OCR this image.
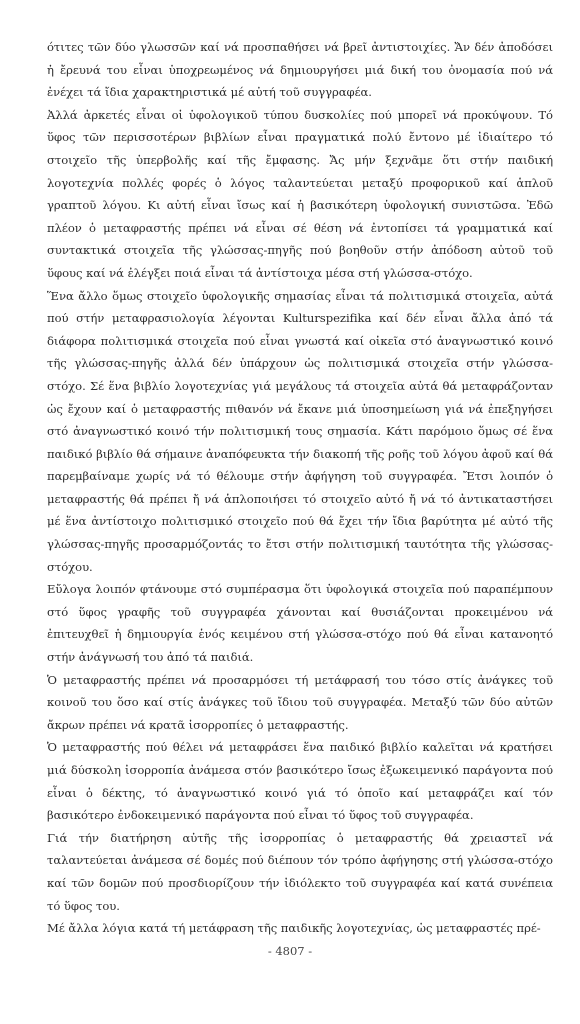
ότιτες τῶν δύο γλωσσῶν καί νά προσπαθήσει νά βρεῖ ἀντιστοιχίες. Ἄν δέν ἀποδόσει ἡ ἔρευνά του εἶναι ὑποχρεωμένος νά δημιουργήσει μιά δική του ὀνομασία πού νά ἐνέχει τά ἴδια χαρακτηριστικά μέ αὐτή τοῦ συγγραφέα.

Ἀλλά ἀρκετές εἶναι οἱ ὑφολογικοῦ τύπου δυσκολίες πού μπορεῖ νά προκύψουν. Τό ὕφος τῶν περισσοτέρων βιβλίων εἶναι πραγματικά πολύ ἔντονο μέ ἰδιαίτερο τό στοιχεῖο τῆς ὑπερβολῆς καί τῆς ἔμφασης. Ἄς μήν ξεχνᾶμε ὅτι στήν παιδική λογοτεχνία πολλές φορές ὁ λόγος ταλαντεύεται μεταξύ προφορικοῦ καί ἁπλοῦ γραπτοῦ λόγου. Κι αὐτή εἶναι ἴσως καί ἡ βασικότερη ὑφολογική συνιστῶσα. Ἐδῶ πλέον ὁ μεταφραστής πρέπει νά εἶναι σέ θέση νά ἐντοπίσει τά γραμματικά καί συντακτικά στοιχεῖα τῆς γλώσσας-πηγῆς πού βοηθοῦν στήν ἀπόδοση αὐτοῦ τοῦ ὕφους καί νά ἐλέγξει ποιά εἶναι τά ἀντίστοιχα μέσα στή γλώσσα-στόχο.

Ἕνα ἄλλο ὅμως στοιχεῖο ὑφολογικῆς σημασίας εἶναι τά πολιτισμικά στοιχεῖα, αὐτά πού στήν μεταφρασιολογία λέγονται Kulturspezifika καί δέν εἶναι ἄλλα ἀπό τά διάφορα πολιτισμικά στοιχεῖα πού εἶναι γνωστά καί οἰκεῖα στό ἀναγνωστικό κοινό τῆς γλώσσας-πηγῆς ἀλλά δέν ὑπάρχουν ὡς πολιτισμικά στοιχεῖα στήν γλώσσα-στόχο. Σέ ἕνα βιβλίο λογοτεχνίας γιά μεγάλους τά στοιχεῖα αὐτά θά μεταφράζονταν ὡς ἔχουν καί ὁ μεταφραστής πιθανόν νά ἔκανε μιά ὑποσημείωση γιά νά ἐπεξηγήσει στό ἀναγνωστικό κοινό τήν πολιτισμική τους σημασία. Κάτι παρόμοιο ὅμως σέ ἕνα παιδικό βιβλίο θά σήμαινε ἀναπόφευκτα τήν διακοπή τῆς ροῆς τοῦ λόγου ἀφοῦ καί θά παρεμβαίναμε χωρίς νά τό θέλουμε στήν ἀφήγηση τοῦ συγγραφέα. Ἔτσι λοιπόν ὁ μεταφραστής θά πρέπει ἤ νά ἁπλοποιήσει τό στοιχεῖο αὐτό ἤ νά τό ἀντικαταστήσει μέ ἕνα ἀντίστοιχο πολιτισμικό στοιχεῖο πού θά ἔχει τήν ἴδια βαρύτητα μέ αὐτό τῆς γλώσσας-πηγῆς προσαρμόζοντάς το ἔτσι στήν πολιτισμική ταυτότητα τῆς γλώσσας-στόχου.

Εὔλογα λοιπόν φτάνουμε στό συμπέρασμα ὅτι ὑφολογικά στοιχεῖα πού παραπέμπουν στό ὕφος γραφῆς τοῦ συγγραφέα χάνονται καί θυσιάζονται προκειμένου νά ἐπιτευχθεῖ ἡ δημιουργία ἑνός κειμένου στή γλώσσα-στόχο πού θά εἶναι κατανοητό στήν ἀνάγνωσή του ἀπό τά παιδιά.

Ὁ μεταφραστής πρέπει νά προσαρμόσει τή μετάφρασή του τόσο στίς ἀνάγκες τοῦ κοινοῦ του ὅσο καί στίς ἀνάγκες τοῦ ἴδιου τοῦ συγγραφέα. Μεταξύ τῶν δύο αὐτῶν ἄκρων πρέπει νά κρατᾶ ἰσορροπίες ὁ μεταφραστής.

Ὁ μεταφραστής πού θέλει νά μεταφράσει ἕνα παιδικό βιβλίο καλεῖται νά κρατήσει μιά δύσκολη ἰσορροπία ἀνάμεσα στόν βασικότερο ἴσως ἐξωκειμενικό παράγοντα πού εἶναι ὁ δέκτης, τό ἀναγνωστικό κοινό γιά τό ὁποῖο καί μεταφράζει καί τόν βασικότερο ἐνδοκειμενικό παράγοντα πού εἶναι τό ὕφος τοῦ συγγραφέα.

Γιά τήν διατήρηση αὐτῆς τῆς ἰσορροπίας ὁ μεταφραστής θά χρειαστεῖ νά ταλαντεύεται ἀνάμεσα σέ δομές πού διέπουν τόν τρόπο ἀφήγησης στή γλώσσα-στόχο καί τῶν δομῶν πού προσδιορίζουν τήν ἰδιόλεκτο τοῦ συγγραφέα καί κατά συνέπεια τό ὕφος του.

Μέ ἄλλα λόγια κατά τή μετάφραση τῆς παιδικῆς λογοτεχνίας, ὡς μεταφραστές πρέ-

- 4807 -
